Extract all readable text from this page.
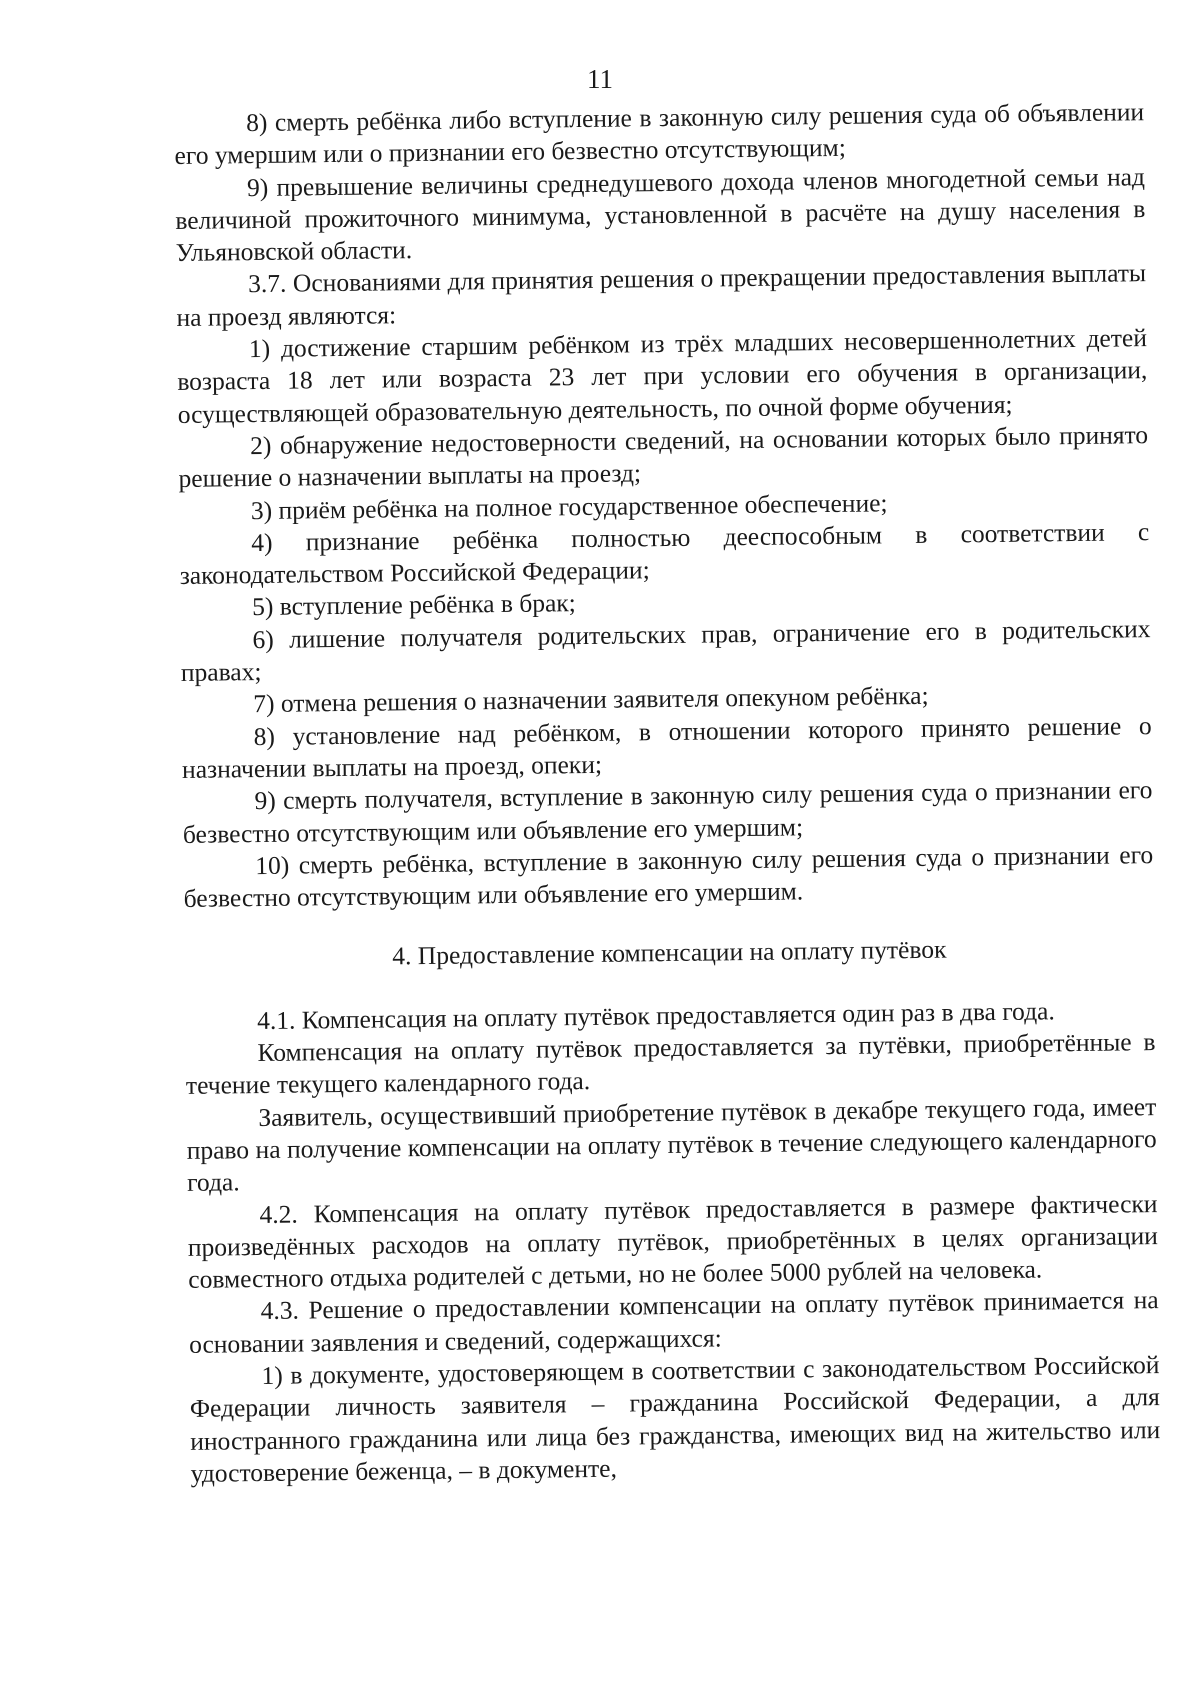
11

8) смерть ребёнка либо вступление в законную силу решения суда об объявлении его умершим или о признании его безвестно отсутствующим;

9) превышение величины среднедушевого дохода членов многодетной семьи над величиной прожиточного минимума, установленной в расчёте на душу населения в Ульяновской области.

3.7. Основаниями для принятия решения о прекращении предоставления выплаты на проезд являются:

1) достижение старшим ребёнком из трёх младших несовершеннолетних детей возраста 18 лет или возраста 23 лет при условии его обучения в организации, осуществляющей образовательную деятельность, по очной форме обучения;

2) обнаружение недостоверности сведений, на основании которых было принято решение о назначении выплаты на проезд;

3) приём ребёнка на полное государственное обеспечение;

4) признание ребёнка полностью дееспособным в соответствии с законодательством Российской Федерации;

5) вступление ребёнка в брак;

6) лишение получателя родительских прав, ограничение его в родительских правах;

7) отмена решения о назначении заявителя опекуном ребёнка;

8) установление над ребёнком, в отношении которого принято решение о назначении выплаты на проезд, опеки;

9) смерть получателя, вступление в законную силу решения суда о признании его безвестно отсутствующим или объявление его умершим;

10) смерть ребёнка, вступление в законную силу решения суда о признании его безвестно отсутствующим или объявление его умершим.

4. Предоставление компенсации на оплату путёвок

4.1. Компенсация на оплату путёвок предоставляется один раз в два года.

Компенсация на оплату путёвок предоставляется за путёвки, приобретённые в течение текущего календарного года.

Заявитель, осуществивший приобретение путёвок в декабре текущего года, имеет право на получение компенсации на оплату путёвок в течение следующего календарного года.

4.2. Компенсация на оплату путёвок предоставляется в размере фактически произведённых расходов на оплату путёвок, приобретённых в целях организации совместного отдыха родителей с детьми, но не более 5000 рублей на человека.

4.3. Решение о предоставлении компенсации на оплату путёвок принимается на основании заявления и сведений, содержащихся:

1) в документе, удостоверяющем в соответствии с законодательством Российской Федерации личность заявителя – гражданина Российской Федерации, а для иностранного гражданина или лица без гражданства, имеющих вид на жительство или удостоверение беженца, – в документе,
